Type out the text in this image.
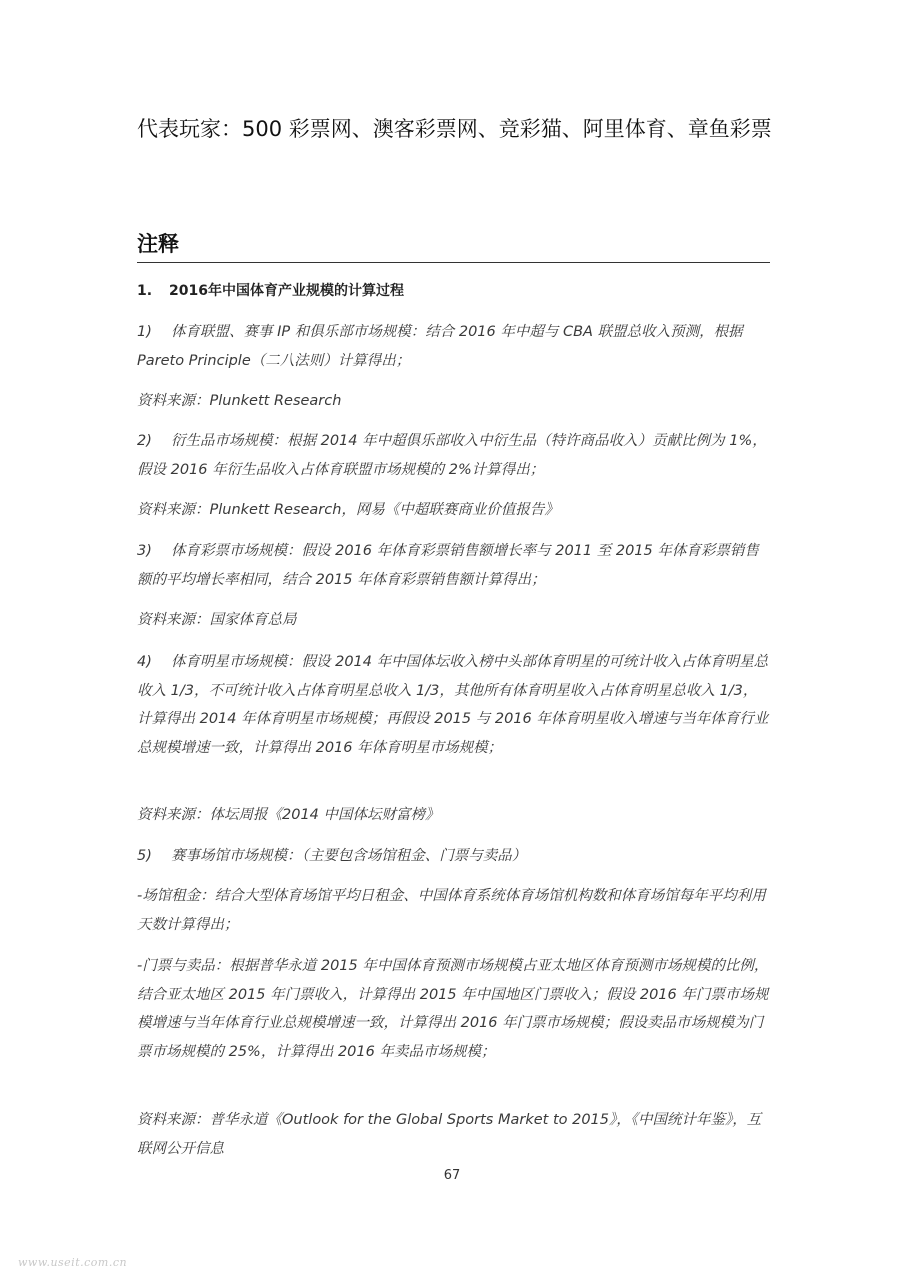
代表玩家：500 彩票网、澳客彩票网、竞彩猫、阿里体育、章鱼彩票
注释
1. 2016年中国体育产业规模的计算过程
1) 体育联盟、赛事 IP 和俱乐部市场规模：结合 2016 年中超与 CBA 联盟总收入预测，根据 Pareto Principle（二八法则）计算得出；
资料来源：Plunkett Research
2) 衍生品市场规模：根据 2014 年中超俱乐部收入中衍生品（特许商品收入）贡献比例为 1%，假设 2016 年衍生品收入占体育联盟市场规模的 2%计算得出；
资料来源：Plunkett Research，网易《中超联赛商业价值报告》
3) 体育彩票市场规模：假设 2016 年体育彩票销售额增长率与 2011 至 2015 年体育彩票销售额的平均增长率相同，结合 2015 年体育彩票销售额计算得出；
资料来源：国家体育总局
4) 体育明星市场规模：假设 2014 年中国体坛收入榜中头部体育明星的可统计收入占体育明星总收入 1/3，不可统计收入占体育明星总收入 1/3，其他所有体育明星收入占体育明星总收入 1/3，计算得出 2014 年体育明星市场规模；再假设 2015 与 2016 年体育明星收入增速与当年体育行业总规模增速一致，计算得出 2016 年体育明星市场规模；
资料来源：体坛周报《2014 中国体坛财富榜》
5) 赛事场馆市场规模：（主要包含场馆租金、门票与卖品）
-场馆租金：结合大型体育场馆平均日租金、中国体育系统体育场馆机构数和体育场馆每年平均利用天数计算得出；
-门票与卖品：根据普华永道 2015 年中国体育预测市场规模占亚太地区体育预测市场规模的比例，结合亚太地区 2015 年门票收入，计算得出 2015 年中国地区门票收入；假设 2016 年门票市场规模增速与当年体育行业总规模增速一致，计算得出 2016 年门票市场规模；假设卖品市场规模为门票市场规模的 25%，计算得出 2016 年卖品市场规模；
资料来源：普华永道《Outlook for the Global Sports Market to 2015》，《中国统计年鉴》，互联网公开信息
67
www.useit.com.cn
